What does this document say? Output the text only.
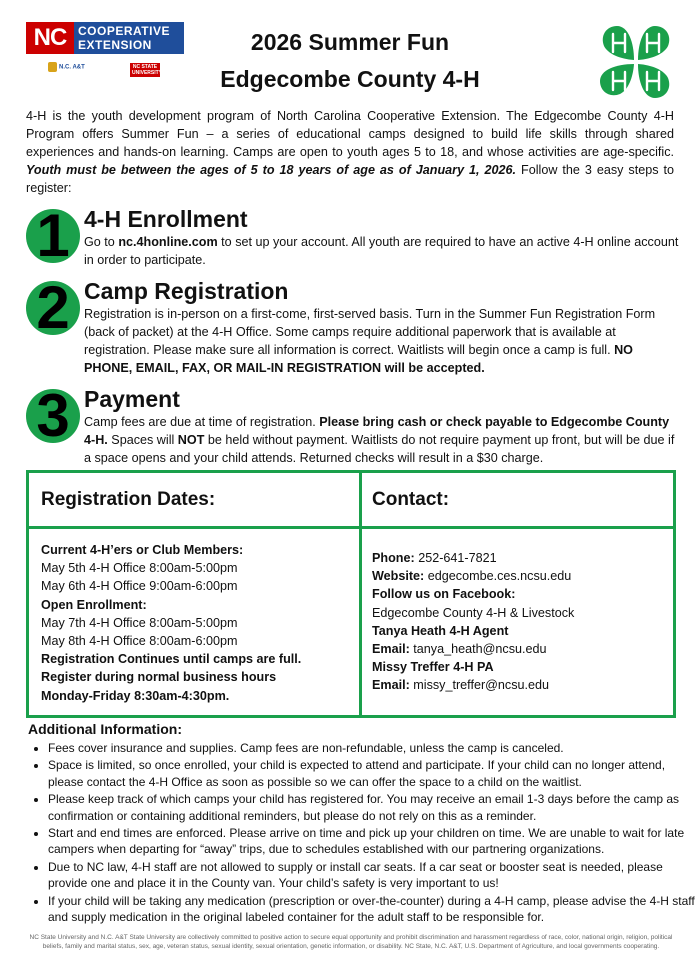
NC COOPERATIVE
EXTENSION
N.C. A&T	NC STATE UNIVERSITY
2026 Summer Fun
Edgecombe County 4-H
4-H is the youth development program of North Carolina Cooperative Extension. The Edgecombe County 4-H Program offers Summer Fun – a series of educational camps designed to build life skills through shared experiences and hands-on learning. Camps are open to youth ages 5 to 18, and whose activities are age-specific. Youth must be between the ages of 5 to 18 years of age as of January 1, 2026. Follow the 3 easy steps to register:
1 4-H Enrollment
Go to nc.4honline.com to set up your account. All youth are required to have an active 4-H online account in order to participate.
2 Camp Registration
Registration is in-person on a first-come, first-served basis. Turn in the Summer Fun Registration Form (back of packet) at the 4-H Office. Some camps require additional paperwork that is available at registration. Please make sure all information is correct. Waitlists will begin once a camp is full. NO PHONE, EMAIL, FAX, OR MAIL-IN REGISTRATION will be accepted.
3 Payment
Camp fees are due at time of registration. Please bring cash or check payable to Edgecombe County 4-H. Spaces will NOT be held without payment. Waitlists do not require payment up front, but will be due if a space opens and your child attends. Returned checks will result in a $30 charge.
Registration Dates:	Contact:
Current 4-H’ers or Club Members:
May 5th 4-H Office 8:00am-5:00pm
May 6th 4-H Office 9:00am-6:00pm
Open Enrollment:
May 7th 4-H Office 8:00am-5:00pm
May 8th 4-H Office 8:00am-6:00pm
Registration Continues until camps are full.
Register during normal business hours
Monday-Friday 8:30am-4:30pm.
Phone: 252-641-7821
Website: edgecombe.ces.ncsu.edu
Follow us on Facebook:
Edgecombe County 4-H & Livestock
Tanya Heath 4-H Agent
Email: tanya_heath@ncsu.edu
Missy Treffer 4-H PA
Email: missy_treffer@ncsu.edu
Additional Information:
• Fees cover insurance and supplies. Camp fees are non-refundable, unless the camp is canceled.
• Space is limited, so once enrolled, your child is expected to attend and participate. If your child can no longer attend, please contact the 4-H Office as soon as possible so we can offer the space to a child on the waitlist.
• Please keep track of which camps your child has registered for. You may receive an email 1-3 days before the camp as confirmation or containing additional reminders, but please do not rely on this as a reminder.
• Start and end times are enforced. Please arrive on time and pick up your children on time. We are unable to wait for late campers when departing for “away” trips, due to schedules established with our partnering organizations.
• Due to NC law, 4-H staff are not allowed to supply or install car seats. If a car seat or booster seat is needed, please provide one and place it in the County van. Your child’s safety is very important to us!
• If your child will be taking any medication (prescription or over-the-counter) during a 4-H camp, please advise the 4-H staff and supply medication in the original labeled container for the adult staff to be responsible for.
NC State University and N.C. A&T State University are collectively committed to positive action to secure equal opportunity and prohibit discrimination and harassment regardless of race, color, national origin, religion, political beliefs, family and marital status, sex, age, veteran status, sexual identity, sexual orientation, genetic information, or disability. NC State, N.C. A&T, U.S. Department of Agriculture, and local governments cooperating.
